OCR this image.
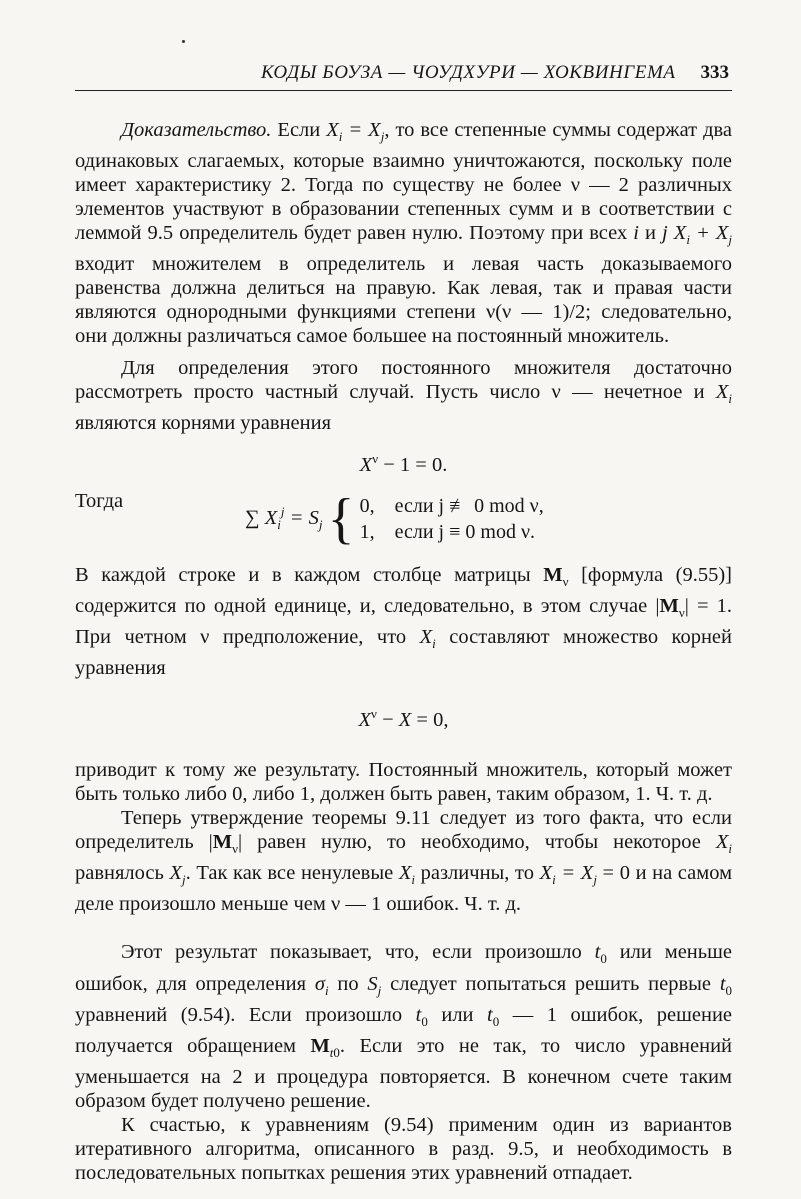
КОДЫ БОУЗА — ЧОУДХУРИ — ХОКВИНГЕМА 333

Доказательство. Если $X_i = X_j$, то все степенные суммы содержат два одинаковых слагаемых, которые взаимно уничтожаются, поскольку поле имеет характеристику 2. Тогда по существу не более ν — 2 различных элементов участвуют в образовании степенных сумм и в соответствии с леммой 9.5 определитель будет равен нулю. Поэтому при всех i и j $X_i + X_j$ входит множителем в определитель и левая часть доказываемого равенства должна делиться на правую. Как левая, так и правая части являются однородными функциями степени ν(ν — 1)/2; следовательно, они должны различаться самое большее на постоянный множитель.

Для определения этого постоянного множителя достаточно рассмотреть просто частный случай. Пусть число ν — нечетное и $X_i$ являются корнями уравнения

$X^\nu - 1 = 0$.
Тогда
∑ $X_i^j = S_j$ { 0, если j ≢ 0 mod ν,
1, если j ≡ 0 mod ν.

В каждой строке и в каждом столбце матрицы $M_\nu$ [формула (9.55)] содержится по одной единице, и, следовательно, в этом случае $|M_\nu| = 1$. При четном ν предположение, что $X_i$ составляют множество корней уравнения

$X^\nu - X = 0$,

приводит к тому же результату. Постоянный множитель, который может быть только либо 0, либо 1, должен быть равен, таким образом, 1. Ч. т. д.

Теперь утверждение теоремы 9.11 следует из того факта, что если определитель $|M_\nu|$ равен нулю, то необходимо, чтобы некоторое $X_i$ равнялось $X_j$. Так как все ненулевые $X_i$ различны, то $X_i = X_j = 0$ и на самом деле произошло меньше чем ν — 1 ошибок. Ч. т. д.

Этот результат показывает, что, если произошло $t_0$ или меньше ошибок, для определения $\sigma_i$ по $S_j$ следует попытаться решить первые $t_0$ уравнений (9.54). Если произошло $t_0$ или $t_0$ — 1 ошибок, решение получается обращением $M_{t0}$. Если это не так, то число уравнений уменьшается на 2 и процедура повторяется. В конечном счете таким образом будет получено решение.

К счастью, к уравнениям (9.54) применим один из вариантов итеративного алгоритма, описанного в разд. 9.5, и необходимость в последовательных попытках решения этих уравнений отпадает.
